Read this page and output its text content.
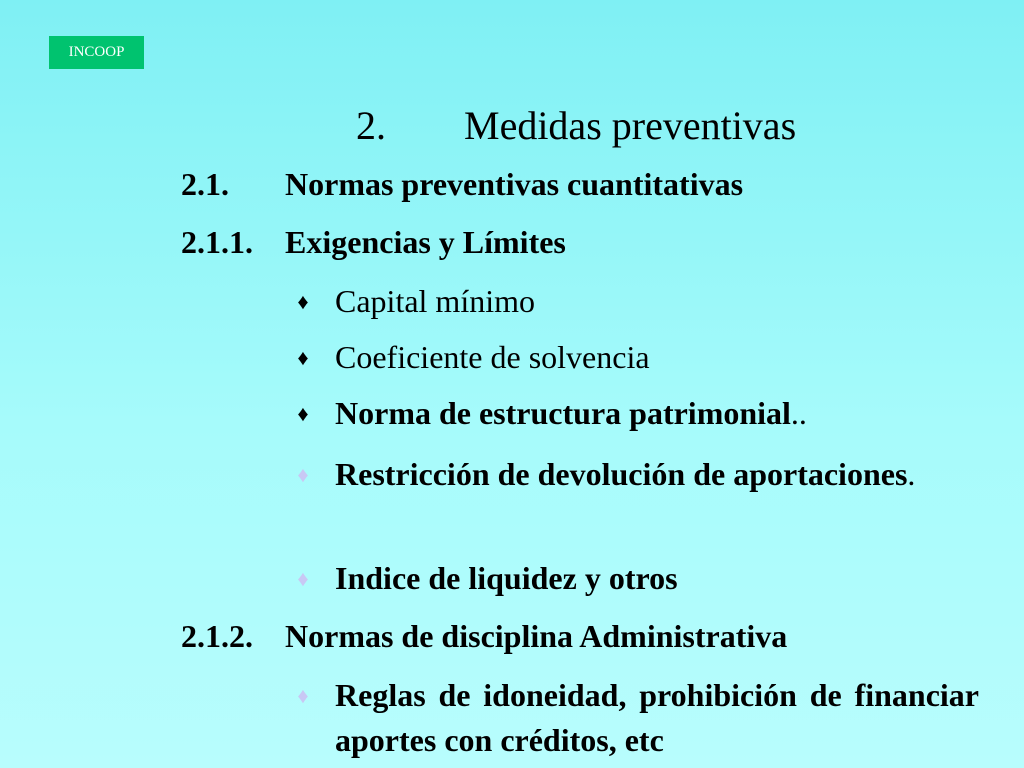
INCOOP
2. Medidas preventivas
2.1. Normas preventivas cuantitativas
2.1.1. Exigencias y Límites
♦ Capital mínimo
♦ Coeficiente de solvencia
♦ Norma de estructura patrimonial..
♦ Restricción de devolución de aportaciones.
♦ Indice de liquidez y otros
2.1.2. Normas de disciplina Administrativa
♦ Reglas de idoneidad, prohibición de financiar aportes con créditos, etc
